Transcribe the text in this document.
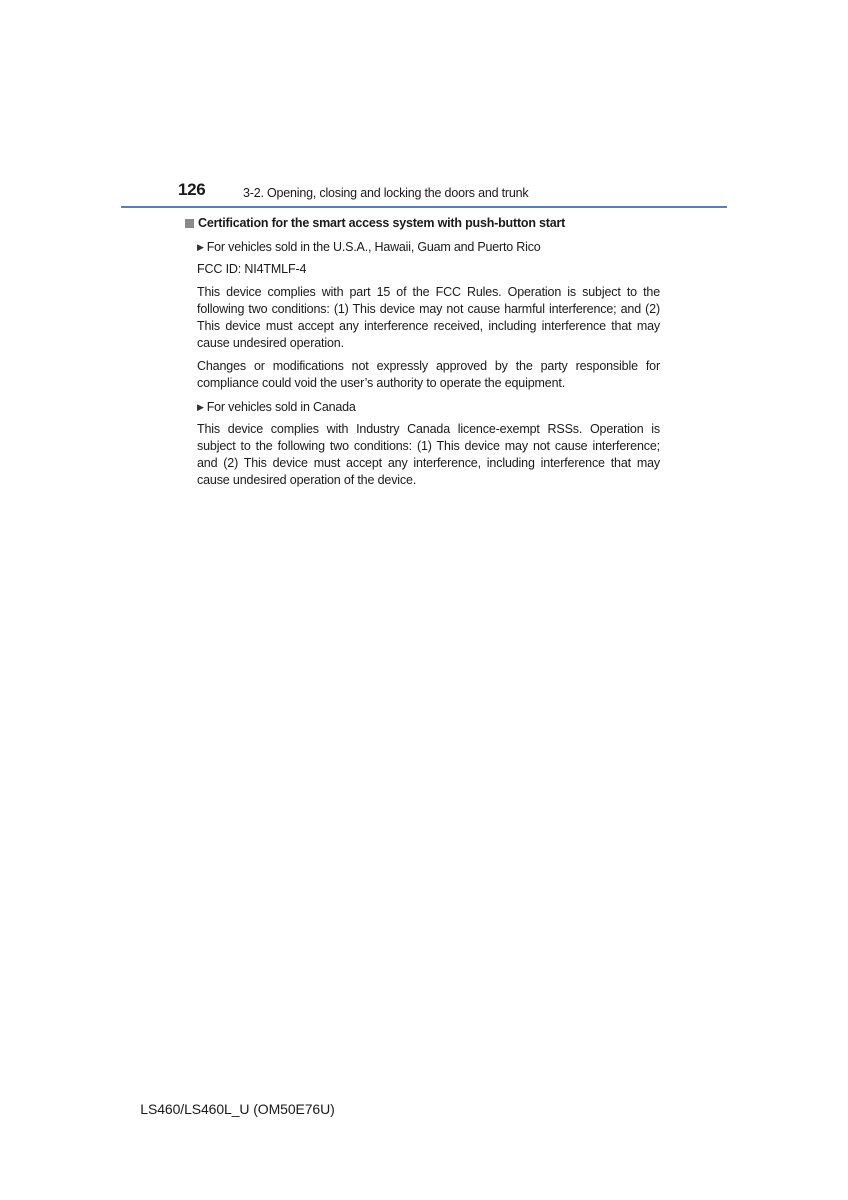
126	3-2. Opening, closing and locking the doors and trunk
Certification for the smart access system with push-button start
▶ For vehicles sold in the U.S.A., Hawaii, Guam and Puerto Rico

FCC ID: NI4TMLF-4

This device complies with part 15 of the FCC Rules. Operation is subject to the following two conditions: (1) This device may not cause harmful interference; and (2) This device must accept any interference received, including interference that may cause undesired operation.

Changes or modifications not expressly approved by the party responsible for compliance could void the user’s authority to operate the equipment.

▶ For vehicles sold in Canada

This device complies with Industry Canada licence-exempt RSSs. Operation is subject to the following two conditions: (1) This device may not cause interference; and (2) This device must accept any interference, including interference that may cause undesired operation of the device.

LS460/LS460L_U (OM50E76U)
